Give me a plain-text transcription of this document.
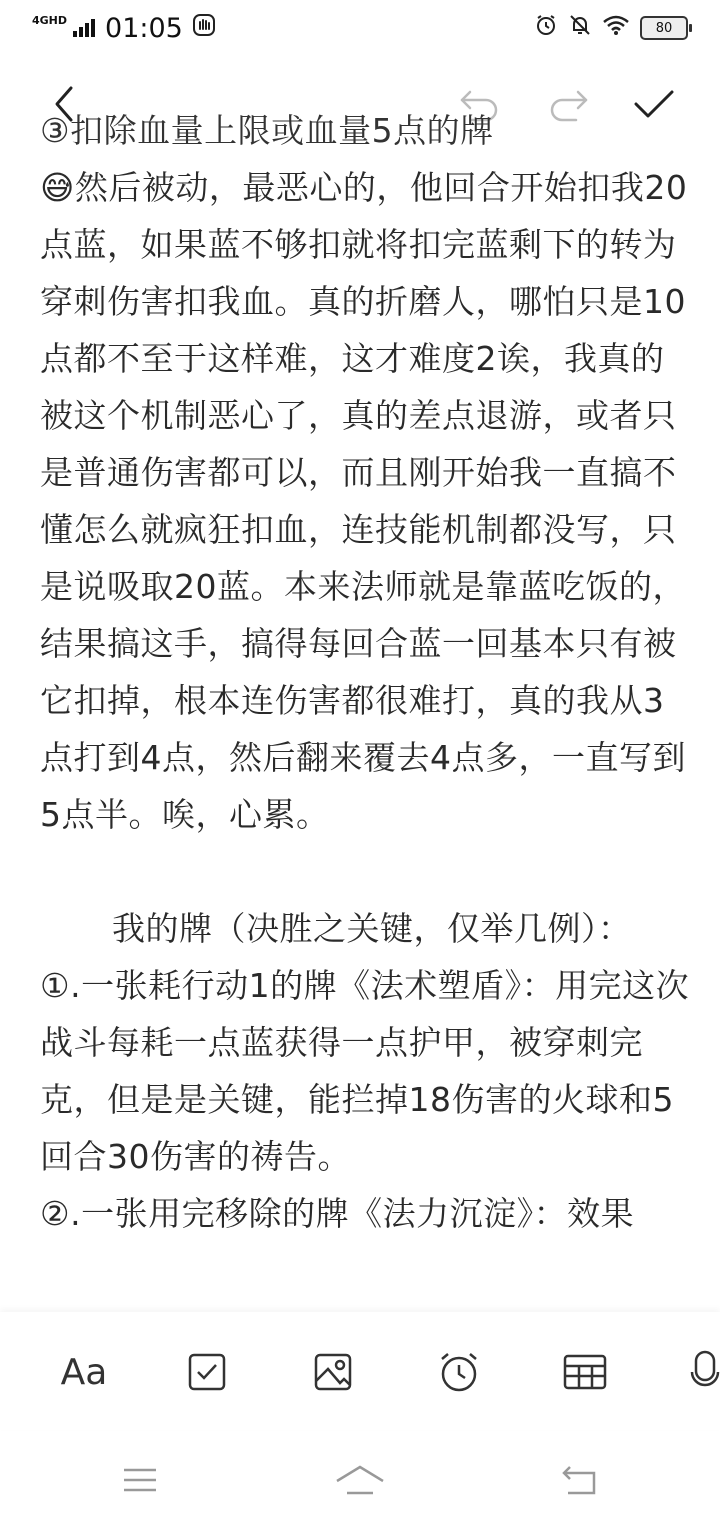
4GHD 01:05	80

③扣除血量上限或血量5点的牌

😅然后被动，最恶心的，他回合开始扣我20点蓝，如果蓝不够扣就将扣完蓝剩下的转为穿刺伤害扣我血。真的折磨人，哪怕只是10点都不至于这样难，这才难度2诶，我真的被这个机制恶心了，真的差点退游，或者只是普通伤害都可以，而且刚开始我一直搞不懂怎么就疯狂扣血，连技能机制都没写，只是说吸取20蓝。本来法师就是靠蓝吃饭的，结果搞这手，搞得每回合蓝一回基本只有被它扣掉，根本连伤害都很难打，真的我从3点打到4点，然后翻来覆去4点多，一直写到5点半。唉，心累。

我的牌（决胜之关键，仅举几例）：

①.一张耗行动1的牌《法术塑盾》：用完这次战斗每耗一点蓝获得一点护甲，被穿刺完克，但是是关键，能拦掉18伤害的火球和5回合30伤害的祷告。

②.一张用完移除的牌《法力沉淀》：效果

Aa
